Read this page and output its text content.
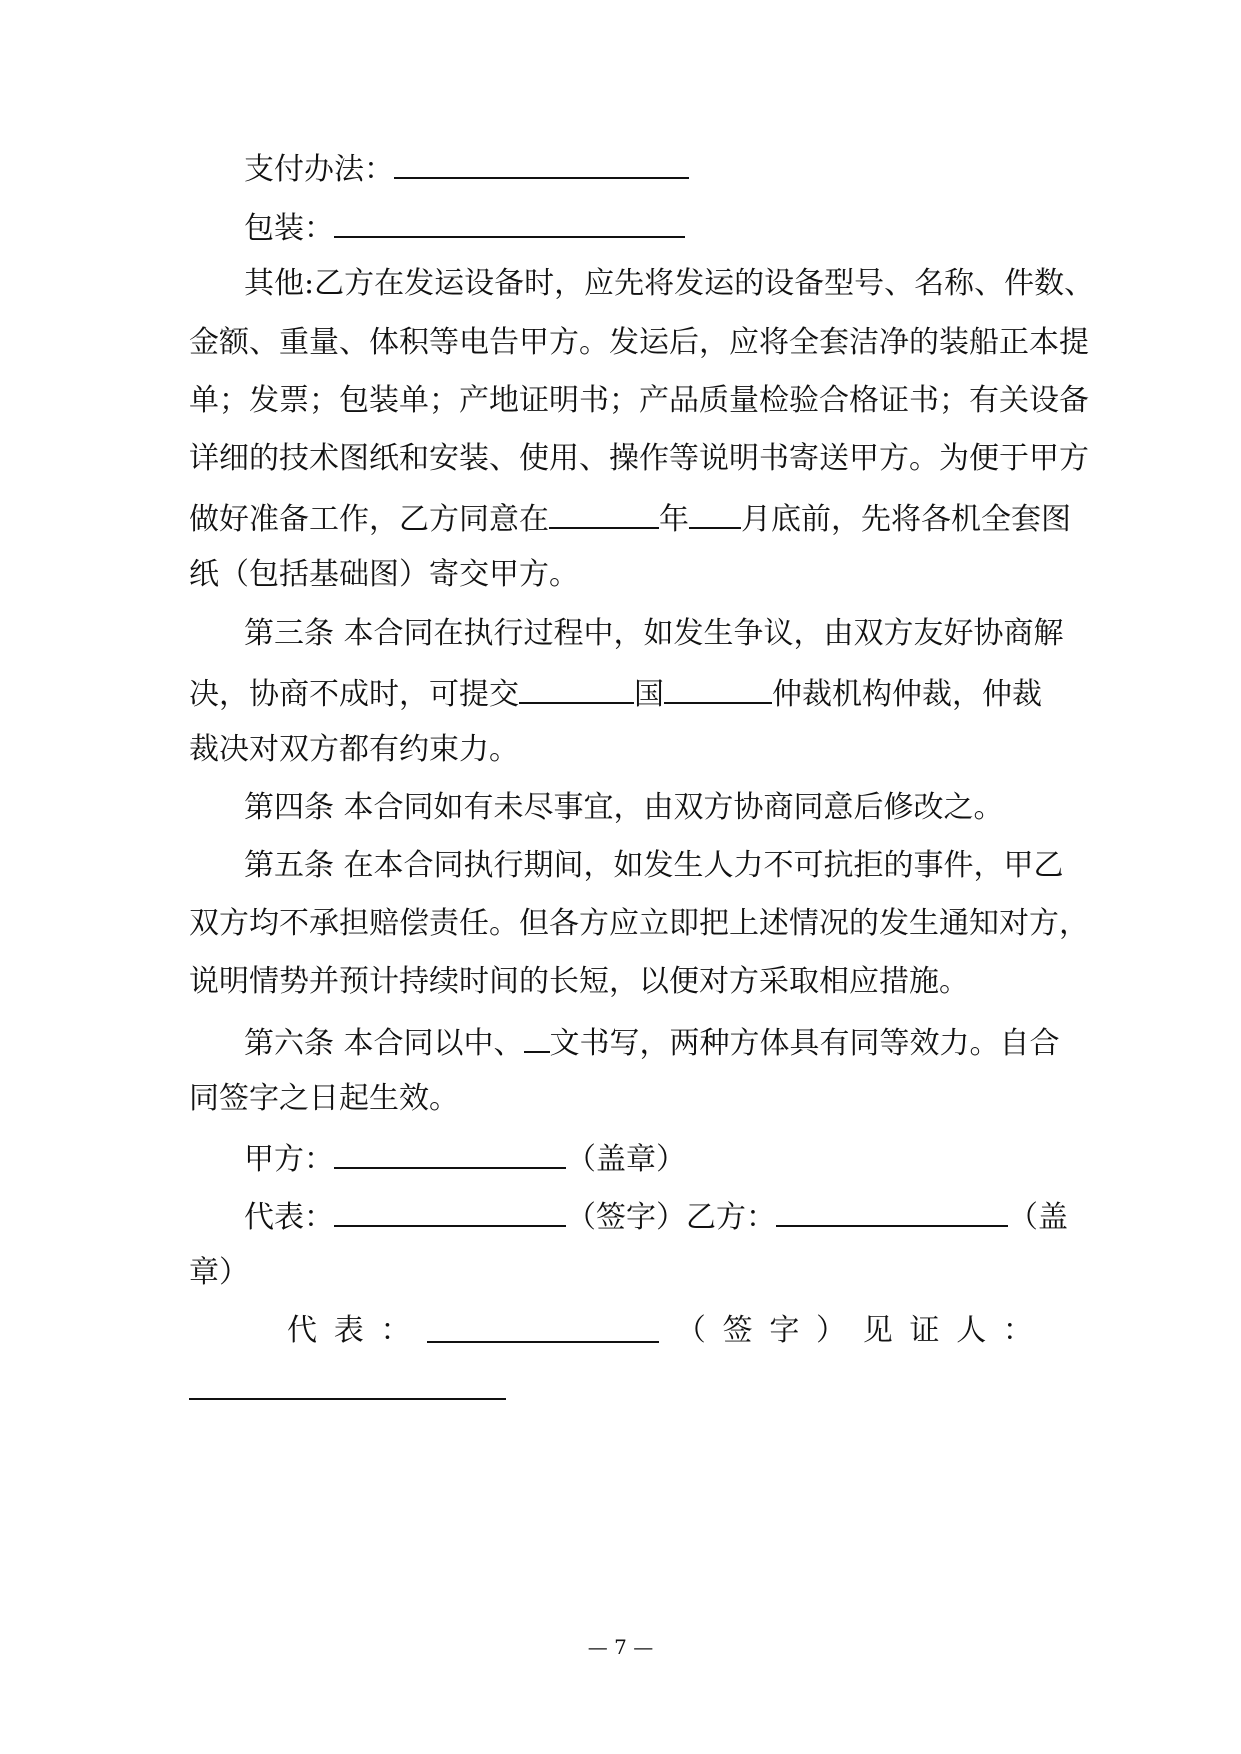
支付办法：
包装：
其他:乙方在发运设备时，应先将发运的设备型号、名称、件数、
金额、重量、体积等电告甲方。发运后，应将全套洁净的装船正本提
单；发票；包装单；产地证明书；产品质量检验合格证书；有关设备
详细的技术图纸和安装、使用、操作等说明书寄送甲方。为便于甲方
做好准备工作，乙方同意在	年 月底前，先将各机全套图
纸（包括基础图）寄交甲方。
第三条 本合同在执行过程中，如发生争议，由双方友好协商解
决，协商不成时，可提交	国	仲裁机构仲裁，仲裁
裁决对双方都有约束力。
第四条 本合同如有未尽事宜，由双方协商同意后修改之。
第五条 在本合同执行期间，如发生人力不可抗拒的事件，甲乙
双方均不承担赔偿责任。但各方应立即把上述情况的发生通知对方，
说明情势并预计持续时间的长短，以便对方采取相应措施。
第六条 本合同以中、 文书写，两种方体具有同等效力。自合
同签字之日起生效。
甲方：	（盖章）
代表：	（签字）乙方：	（盖
章）
代 表 ：	（ 签 字 ） 见 证 人 ：
— 7 —
